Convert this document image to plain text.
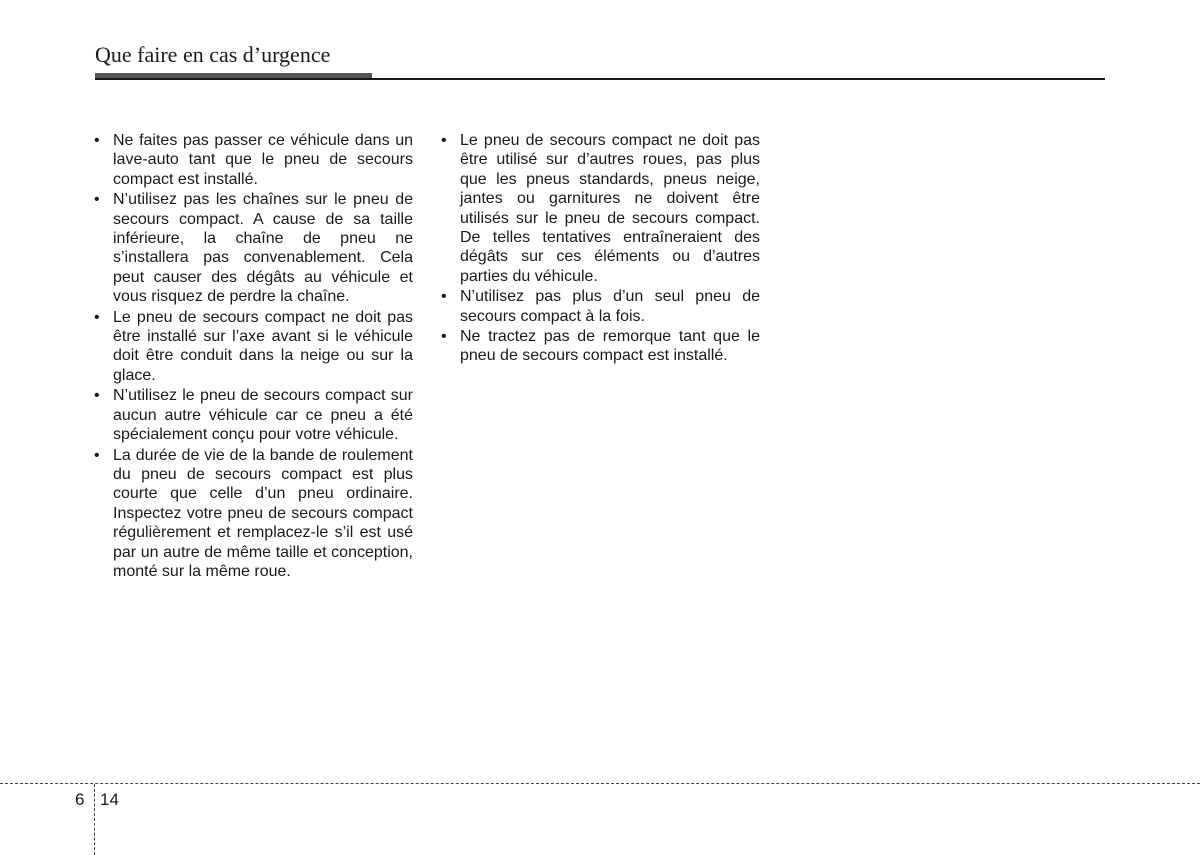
Que faire en cas d’urgence
• Ne faites pas passer ce véhicule dans un lave-auto tant que le pneu de secours compact est installé.
• N’utilisez pas les chaînes sur le pneu de secours compact. A cause de sa taille inférieure, la chaîne de pneu ne s’installera pas convenablement. Cela peut causer des dégâts au véhicule et vous risquez de perdre la chaîne.
• Le pneu de secours compact ne doit pas être installé sur l’axe avant si le véhicule doit être conduit dans la neige ou sur la glace.
• N’utilisez le pneu de secours compact sur aucun autre véhicule car ce pneu a été spécialement conçu pour votre véhicule.
• La durée de vie de la bande de roulement du pneu de secours compact est plus courte que celle d’un pneu ordinaire. Inspectez votre pneu de secours compact régulièrement et remplacez-le s’il est usé par un autre de même taille et conception, monté sur la même roue.
• Le pneu de secours compact ne doit pas être utilisé sur d’autres roues, pas plus que les pneus standards, pneus neige, jantes ou garnitures ne doivent être utilisés sur le pneu de secours compact. De telles tentatives entraîneraient des dégâts sur ces éléments ou d’autres parties du véhicule.
• N’utilisez pas plus d’un seul pneu de secours compact à la fois.
• Ne tractez pas de remorque tant que le pneu de secours compact est installé.
6 14
